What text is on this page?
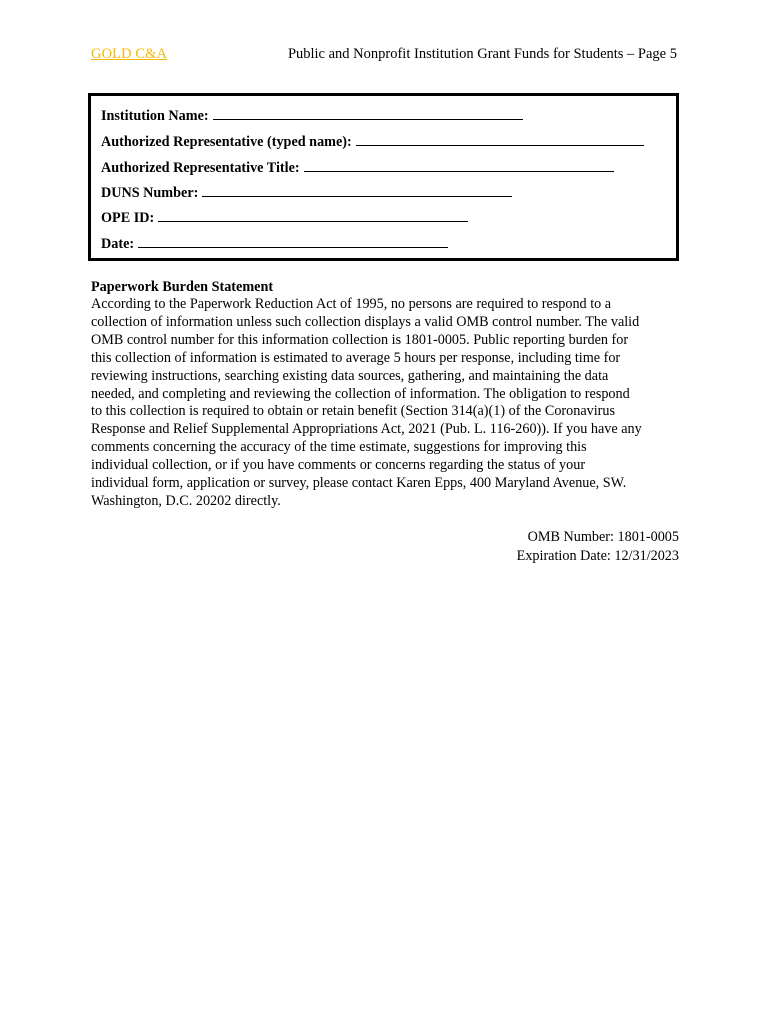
GOLD C&A	Public and Nonprofit Institution Grant Funds for Students – Page 5
Institution Name:
Authorized Representative (typed name):
Authorized Representative Title:
DUNS Number:
OPE ID:
Date:
Paperwork Burden Statement
According to the Paperwork Reduction Act of 1995, no persons are required to respond to a
collection of information unless such collection displays a valid OMB control number. The valid
OMB control number for this information collection is 1801-0005. Public reporting burden for
this collection of information is estimated to average 5 hours per response, including time for
reviewing instructions, searching existing data sources, gathering, and maintaining the data
needed, and completing and reviewing the collection of information. The obligation to respond
to this collection is required to obtain or retain benefit (Section 314(a)(1) of the Coronavirus
Response and Relief Supplemental Appropriations Act, 2021 (Pub. L. 116-260)). If you have any
comments concerning the accuracy of the time estimate, suggestions for improving this
individual collection, or if you have comments or concerns regarding the status of your
individual form, application or survey, please contact Karen Epps, 400 Maryland Avenue, SW.
Washington, D.C. 20202 directly.
OMB Number: 1801-0005
Expiration Date: 12/31/2023
